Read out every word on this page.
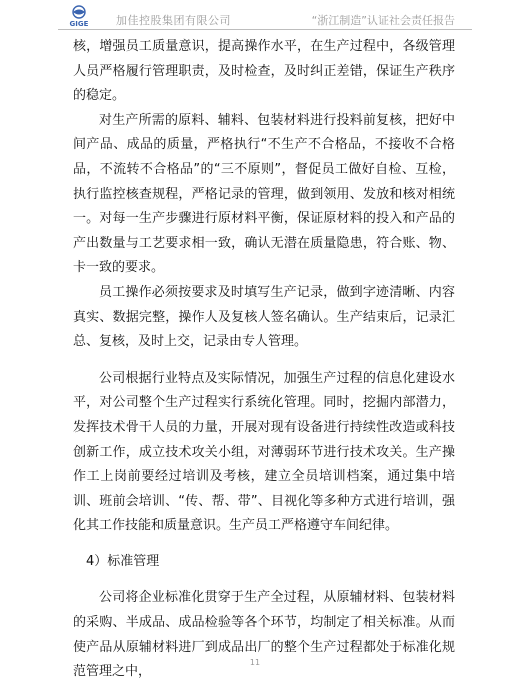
GIGE	加佳控股集团有限公司	“浙江制造”认证社会责任报告

核，增强员工质量意识，提高操作水平，在生产过程中，各级管理人员严格履行管理职责，及时检查，及时纠正差错，保证生产秩序的稳定。

对生产所需的原料、辅料、包装材料进行投料前复核，把好中间产品、成品的质量，严格执行“不生产不合格品，不接收不合格品，不流转不合格品”的“三不原则”，督促员工做好自检、互检，执行监控核查规程，严格记录的管理，做到领用、发放和核对相统一。对每一生产步骤进行原材料平衡，保证原材料的投入和产品的产出数量与工艺要求相一致，确认无潜在质量隐患，符合账、物、卡一致的要求。

员工操作必须按要求及时填写生产记录，做到字迹清晰、内容真实、数据完整，操作人及复核人签名确认。生产结束后，记录汇总、复核，及时上交，记录由专人管理。

公司根据行业特点及实际情况，加强生产过程的信息化建设水平，对公司整个生产过程实行系统化管理。同时，挖掘内部潜力，发挥技术骨干人员的力量，开展对现有设备进行持续性改造或科技创新工作，成立技术攻关小组，对薄弱环节进行技术攻关。生产操作工上岗前要经过培训及考核，建立全员培训档案，通过集中培训、班前会培训、“传、帮、带”、目视化等多种方式进行培训，强化其工作技能和质量意识。生产员工严格遵守车间纪律。

4）标准管理

公司将企业标准化贯穿于生产全过程，从原辅材料、包装材料的采购、半成品、成品检验等各个环节，均制定了相关标准。从而使产品从原辅材料进厂到成品出厂的整个生产过程都处于标准化规范管理之中，

11
